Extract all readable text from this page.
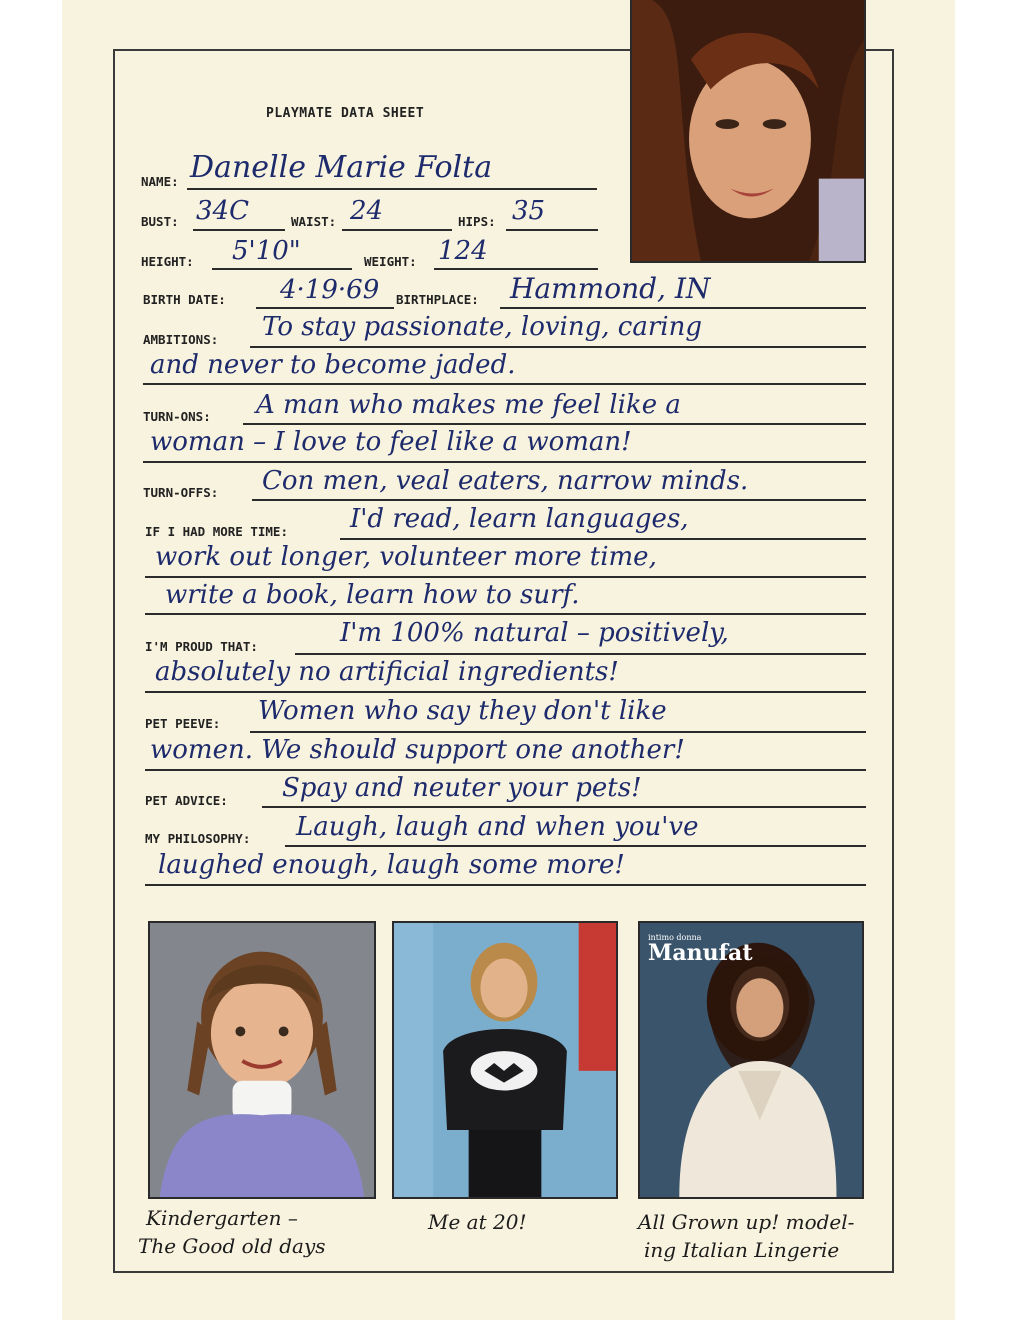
PLAYMATE DATA SHEET
NAME: Danelle Marie Folta
BUST: 34C	WAIST: 24	HIPS: 35
HEIGHT: 5'10"	WEIGHT: 124
BIRTH DATE: 4·19·69 BIRTHPLACE: Hammond, IN
AMBITIONS: To stay passionate, loving, caring
and never to become jaded.
TURN-ONS: A man who makes me feel like a
woman – I love to feel like a woman!
TURN-OFFS: Con men, veal eaters, narrow minds.
IF I HAD MORE TIME: I'd read, learn languages,
work out longer, volunteer more time,
write a book, learn how to surf.
I'M PROUD THAT:	I'm 100% natural – positively,
absolutely no artificial ingredients!
PET PEEVE: Women who say they don't like
women. We should support one another!
PET ADVICE: Spay and neuter your pets!
MY PHILOSOPHY: Laugh, laugh and when you've
laughed enough, laugh some more!
intimo donna
Manufat
Kindergarten –
The Good old days
Me at 20!	All Grown up! model-
ing Italian Lingerie
